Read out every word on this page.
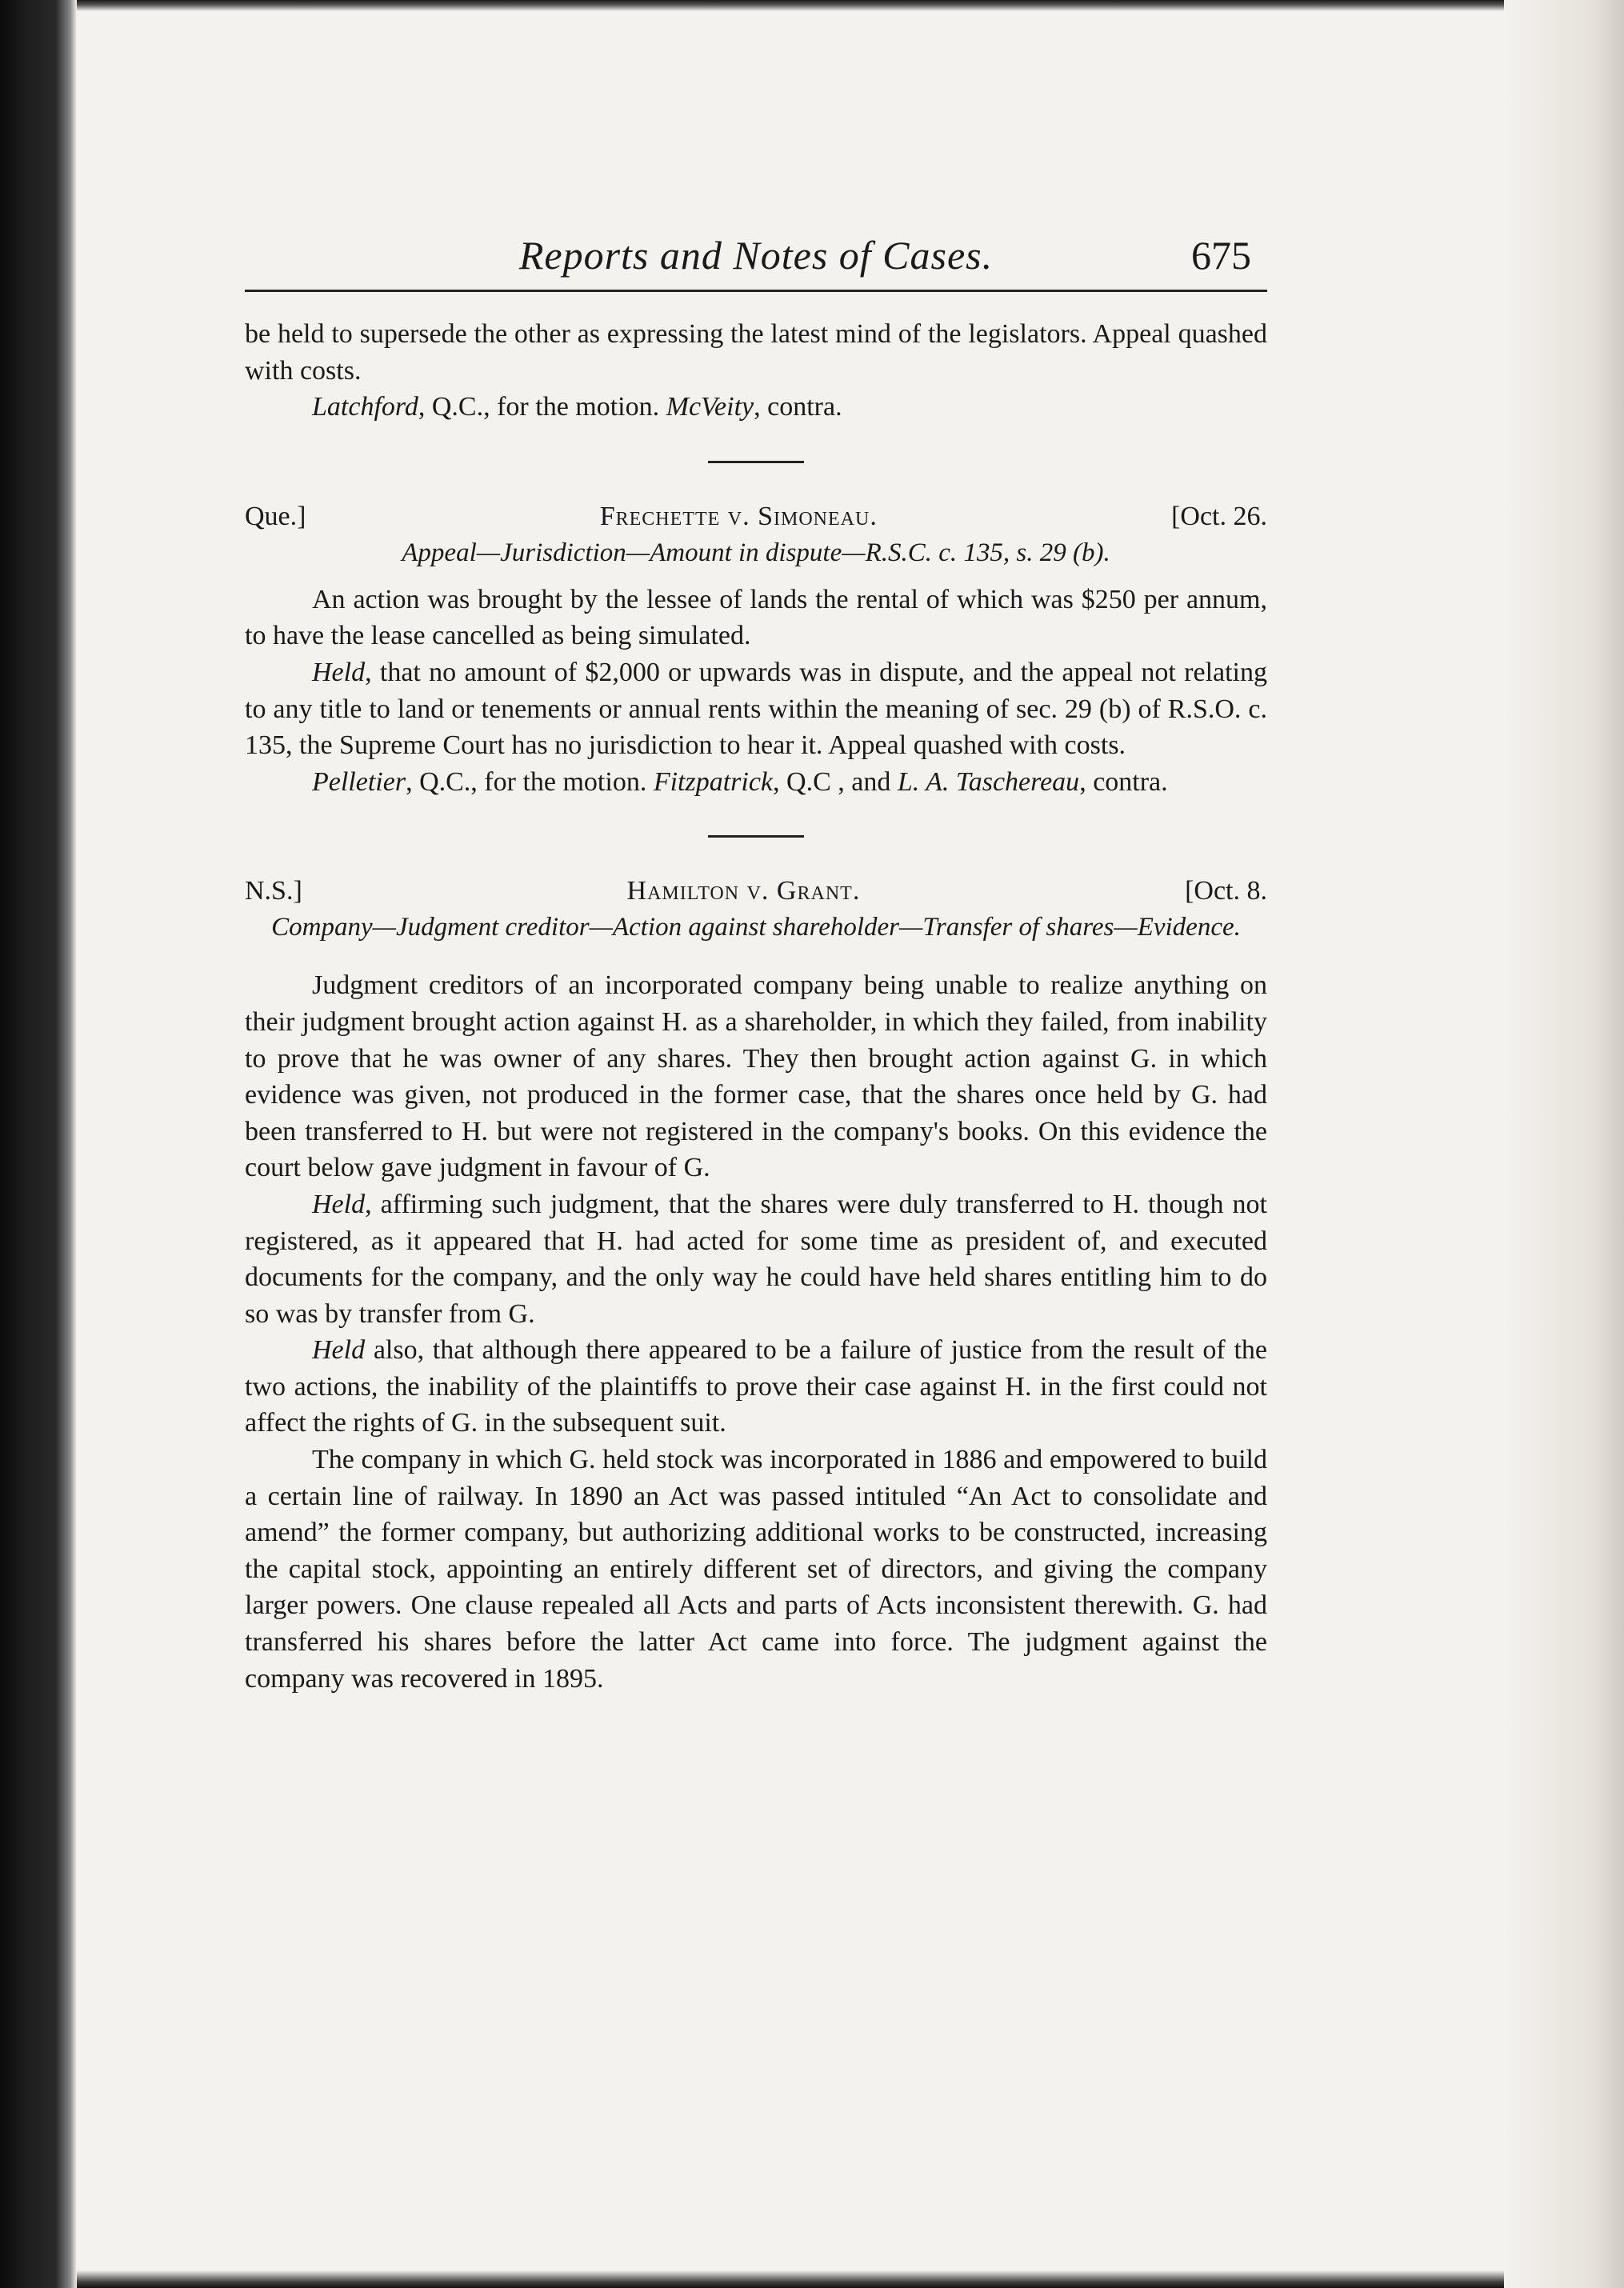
Reports and Notes of Cases.	675

be held to supersede the other as expressing the latest mind of the legislators. Appeal quashed with costs.

Latchford, Q.C., for the motion. McVeity, contra.

Que.]	Frechette v. Simoneau.	[Oct. 26.
Appeal—Jurisdiction—Amount in dispute—R.S.C. c. 135, s. 29 (b).

An action was brought by the lessee of lands the rental of which was $250 per annum, to have the lease cancelled as being simulated.

Held, that no amount of $2,000 or upwards was in dispute, and the appeal not relating to any title to land or tenements or annual rents within the meaning of sec. 29 (b) of R.S.O. c. 135, the Supreme Court has no jurisdiction to hear it. Appeal quashed with costs.

Pelletier, Q.C., for the motion. Fitzpatrick, Q.C , and L. A. Taschereau, contra.

N.S.]	Hamilton v. Grant.	[Oct. 8.
Company—Judgment creditor—Action against shareholder—Transfer of shares—Evidence.

Judgment creditors of an incorporated company being unable to realize anything on their judgment brought action against H. as a shareholder, in which they failed, from inability to prove that he was owner of any shares. They then brought action against G. in which evidence was given, not produced in the former case, that the shares once held by G. had been transferred to H. but were not registered in the company's books. On this evidence the court below gave judgment in favour of G.

Held, affirming such judgment, that the shares were duly transferred to H. though not registered, as it appeared that H. had acted for some time as president of, and executed documents for the company, and the only way he could have held shares entitling him to do so was by transfer from G.

Held also, that although there appeared to be a failure of justice from the result of the two actions, the inability of the plaintiffs to prove their case against H. in the first could not affect the rights of G. in the subsequent suit.

The company in which G. held stock was incorporated in 1886 and empowered to build a certain line of railway. In 1890 an Act was passed intituled “An Act to consolidate and amend” the former company, but authorizing additional works to be constructed, increasing the capital stock, appointing an entirely different set of directors, and giving the company larger powers. One clause repealed all Acts and parts of Acts inconsistent therewith. G. had transferred his shares before the latter Act came into force. The judgment against the company was recovered in 1895.
